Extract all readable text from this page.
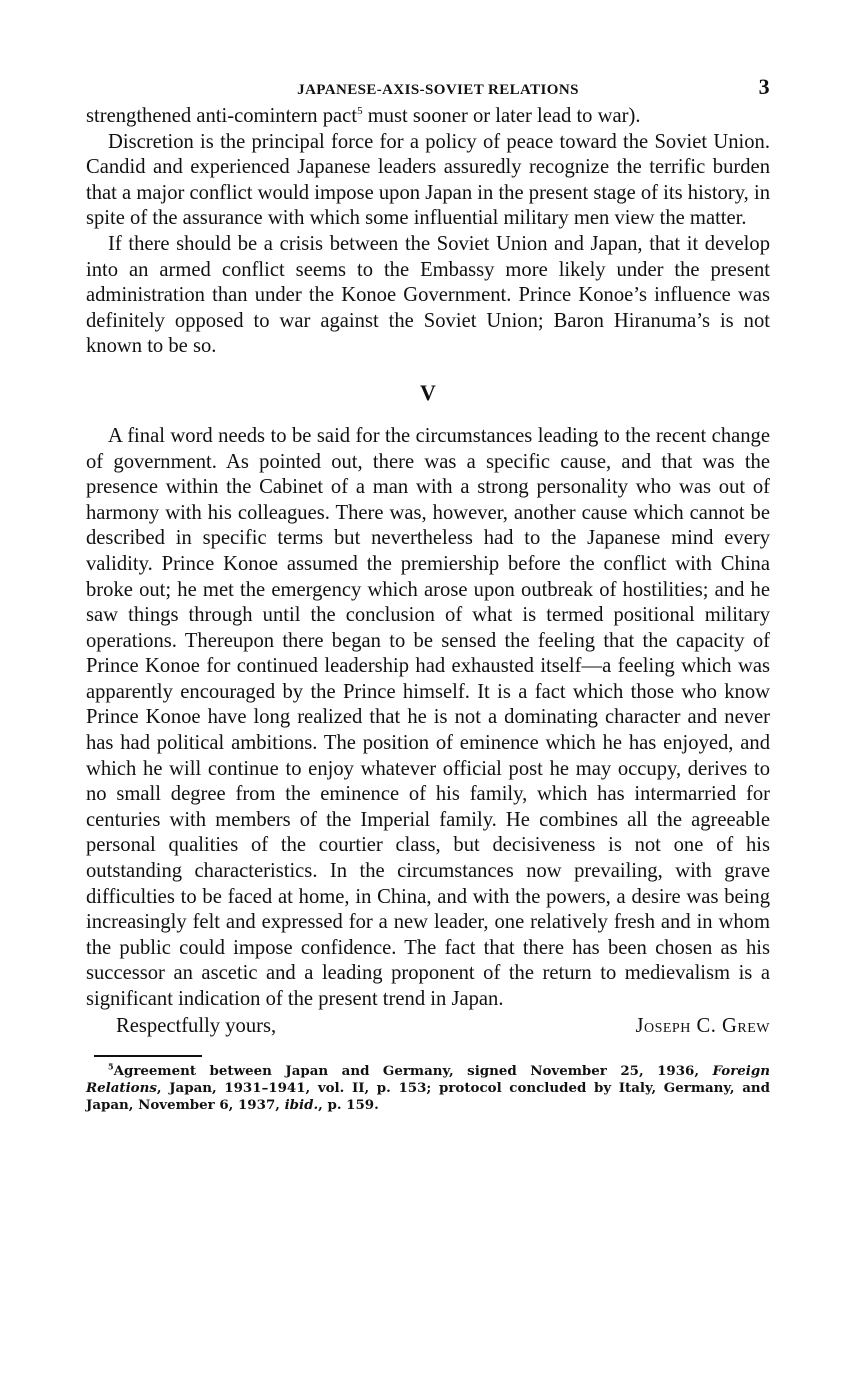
JAPANESE-AXIS-SOVIET RELATIONS	3

strengthened anti-comintern pact$^5$ must sooner or later lead to war).

Discretion is the principal force for a policy of peace toward the Soviet Union. Candid and experienced Japanese leaders assuredly recognize the terrific burden that a major conflict would impose upon Japan in the present stage of its history, in spite of the assurance with which some influential military men view the matter.

If there should be a crisis between the Soviet Union and Japan, that it develop into an armed conflict seems to the Embassy more likely under the present administration than under the Konoe Government. Prince Konoe’s influence was definitely opposed to war against the Soviet Union; Baron Hiranuma’s is not known to be so.

V

A final word needs to be said for the circumstances leading to the recent change of government. As pointed out, there was a specific cause, and that was the presence within the Cabinet of a man with a strong personality who was out of harmony with his colleagues. There was, however, another cause which cannot be described in specific terms but nevertheless had to the Japanese mind every validity. Prince Konoe assumed the premiership before the conflict with China broke out; he met the emergency which arose upon outbreak of hostilities; and he saw things through until the conclusion of what is termed positional military operations. Thereupon there began to be sensed the feeling that the capacity of Prince Konoe for continued leadership had exhausted itself—a feeling which was apparently encouraged by the Prince himself. It is a fact which those who know Prince Konoe have long realized that he is not a dominating character and never has had political ambitions. The position of eminence which he has enjoyed, and which he will continue to enjoy whatever official post he may occupy, derives to no small degree from the eminence of his family, which has intermarried for centuries with members of the Imperial family. He combines all the agreeable personal qualities of the courtier class, but decisiveness is not one of his outstanding characteristics. In the circumstances now prevailing, with grave difficulties to be faced at home, in China, and with the powers, a desire was being increasingly felt and expressed for a new leader, one relatively fresh and in whom the public could impose confidence. The fact that there has been chosen as his successor an ascetic and a leading proponent of the return to medievalism is a significant indication of the present trend in Japan.

Respectfully yours,	Joseph C. Grew

$^5$Agreement between Japan and Germany, signed November 25, 1936, Foreign Relations, Japan, 1931–1941, vol. II, p. 153; protocol concluded by Italy, Germany, and Japan, November 6, 1937, ibid., p. 159.
